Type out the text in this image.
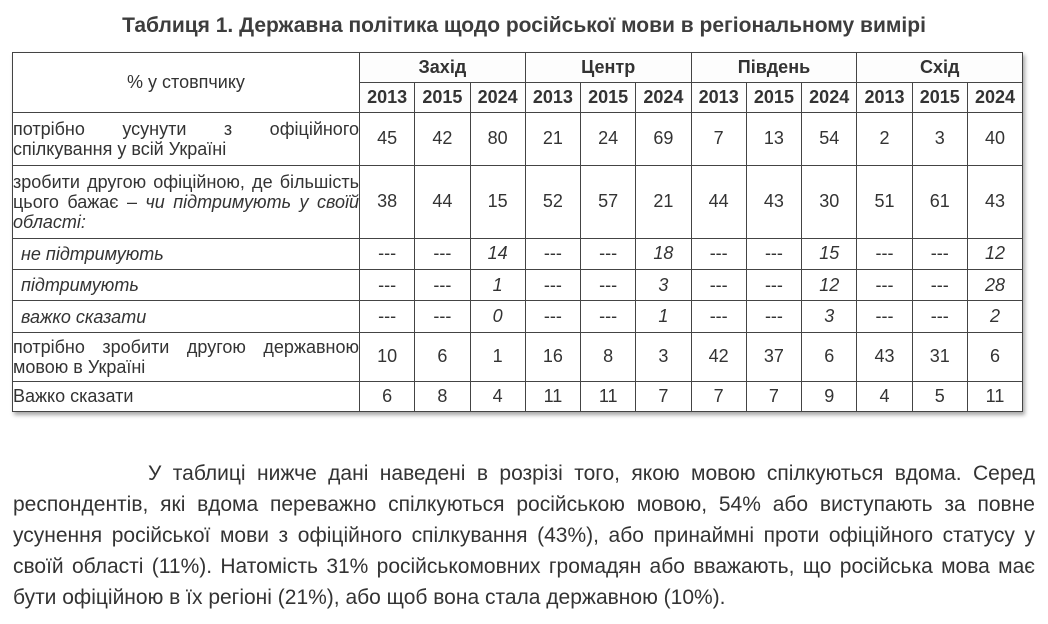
Таблиця 1. Державна політика щодо російської мови в регіональному вимірі
% у стовпчику	Захід			Центр			Південь			Схід		
	2013	2015	2024	2013	2015	2024	2013	2015	2024	2013	2015	2024
потрібно усунути з офіційного спілкування у всій Україні	45	42	80	21	24	69	7	13	54	2	3	40
зробити другою офіційною, де більшість цього бажає – чи підтримують у своїй області:	38	44	15	52	57	21	44	43	30	51	61	43
не підтримують	---	---	14	---	---	18	---	---	15	---	---	12
підтримують	---	---	1	---	---	3	---	---	12	---	---	28
важко сказати	---	---	0	---	---	1	---	---	3	---	---	2
потрібно зробити другою державною мовою в Україні	10	6	1	16	8	3	42	37	6	43	31	6
Важко сказати	6	8	4	11	11	7	7	7	9	4	5	11
У таблиці нижче дані наведені в розрізі того, якою мовою спілкуються вдома. Серед респондентів, які вдома переважно спілкуються російською мовою, 54% або виступають за повне усунення російської мови з офіційного спілкування (43%), або принаймні проти офіційного статусу у своїй області (11%). Натомість 31% російськомовних громадян або вважають, що російська мова має бути офіційною в їх регіоні (21%), або щоб вона стала державною (10%).
